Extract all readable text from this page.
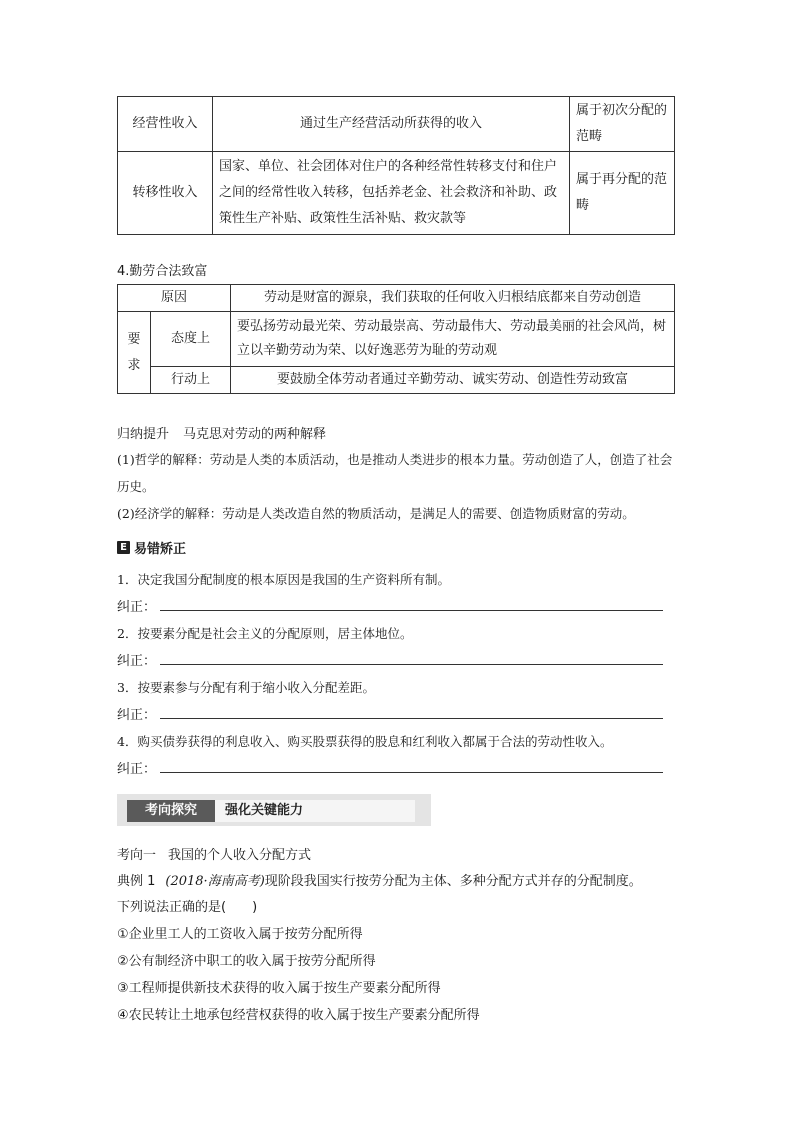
经营性收入	通过生产经营活动所获得的收入	属于初次分配的范畴
转移性收入	国家、单位、社会团体对住户的各种经常性转移支付和住户之间的经常性收入转移，包括养老金、社会救济和补助、政策性生产补贴、政策性生活补贴、救灾款等	属于再分配的范畴
4.勤劳合法致富
原因		劳动是财富的源泉，我们获取的任何收入归根结底都来自劳动创造
要求	态度上	要弘扬劳动最光荣、劳动最崇高、劳动最伟大、劳动最美丽的社会风尚，树立以辛勤劳动为荣、以好逸恶劳为耻的劳动观
	行动上	要鼓励全体劳动者通过辛勤劳动、诚实劳动、创造性劳动致富
归纳提升 马克思对劳动的两种解释
(1)哲学的解释：劳动是人类的本质活动，也是推动人类进步的根本力量。劳动创造了人，创造了社会历史。
(2)经济学的解释：劳动是人类改造自然的物质活动，是满足人的需要、创造物质财富的劳动。
E 易错矫正
1．决定我国分配制度的根本原因是我国的生产资料所有制。
纠正：
2．按要素分配是社会主义的分配原则，居主体地位。
纠正：
3．按要素参与分配有利于缩小收入分配差距。
纠正：
4．购买债券获得的利息收入、购买股票获得的股息和红利收入都属于合法的劳动性收入。
纠正：
考向探究	强化关键能力
考向一 我国的个人收入分配方式
典例 1 (2018·海南高考)现阶段我国实行按劳分配为主体、多种分配方式并存的分配制度。
下列说法正确的是(　　)
①企业里工人的工资收入属于按劳分配所得
②公有制经济中职工的收入属于按劳分配所得
③工程师提供新技术获得的收入属于按生产要素分配所得
④农民转让土地承包经营权获得的收入属于按生产要素分配所得
